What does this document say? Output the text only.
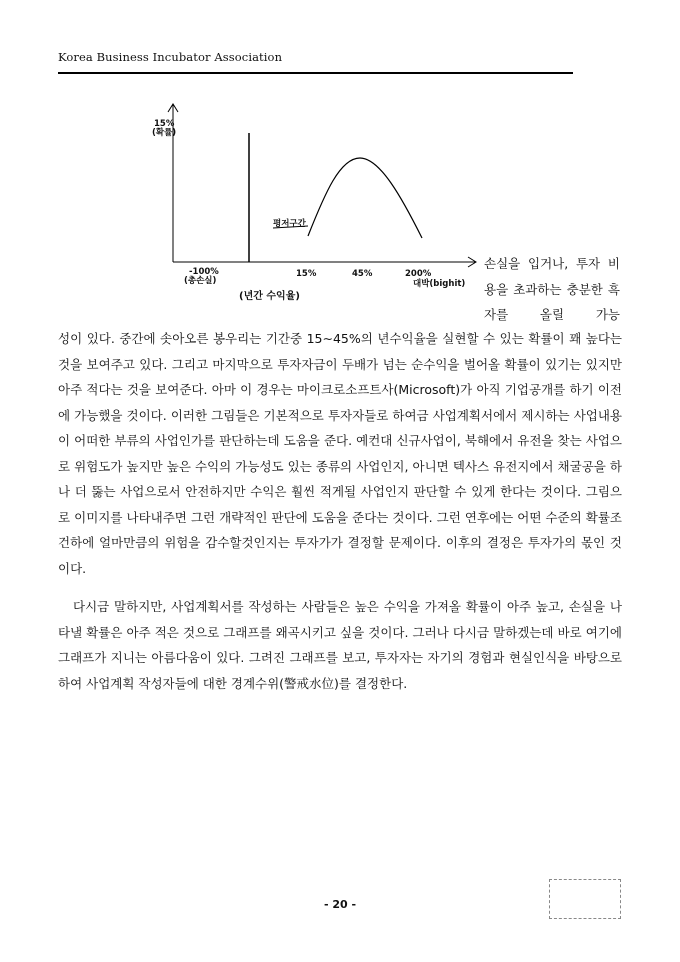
Korea Business Incubator Association
15%
(확률)
평저구간
-100%
(총손실)
15%	45%	200%
대박(bighit)
(년간 수익율)
손실을 입거나, 투자 비용을 초과하는 충분한 흑자를 올릴 가능

성이 있다. 중간에 솟아오른 봉우리는 기간중 15∼45%의 년수익율을 실현할 수 있는 확률이 꽤 높다는 것을 보여주고 있다. 그리고 마지막으로 투자자금이 두배가 넘는 순수익을 벌어올 확률이 있기는 있지만 아주 적다는 것을 보여준다. 아마 이 경우는 마이크로소프트사(Microsoft)가 아직 기업공개를 하기 이전에 가능했을 것이다. 이러한 그림들은 기본적으로 투자자들로 하여금 사업계획서에서 제시하는 사업내용이 어떠한 부류의 사업인가를 판단하는데 도움을 준다. 예컨대 신규사업이, 북해에서 유전을 찾는 사업으로 위험도가 높지만 높은 수익의 가능성도 있는 종류의 사업인지, 아니면 텍사스 유전지에서 채굴공을 하나 더 뚫는 사업으로서 안전하지만 수익은 훨씬 적게될 사업인지 판단할 수 있게 한다는 것이다. 그림으로 이미지를 나타내주면 그런 개략적인 판단에 도움을 준다는 것이다. 그런 연후에는 어떤 수준의 확률조건하에 얼마만큼의 위험을 감수할것인지는 투자가가 결정할 문제이다. 이후의 결정은 투자가의 몫인 것이다.

다시금 말하지만, 사업계획서를 작성하는 사람들은 높은 수익을 가져올 확률이 아주 높고, 손실을 나타낼 확률은 아주 적은 것으로 그래프를 왜곡시키고 싶을 것이다. 그러나 다시금 말하겠는데 바로 여기에 그래프가 지니는 아름다움이 있다. 그려진 그래프를 보고, 투자자는 자기의 경험과 현실인식을 바탕으로 하여 사업계획 작성자들에 대한 경계수위(警戒水位)를 결정한다.

- 20 -
